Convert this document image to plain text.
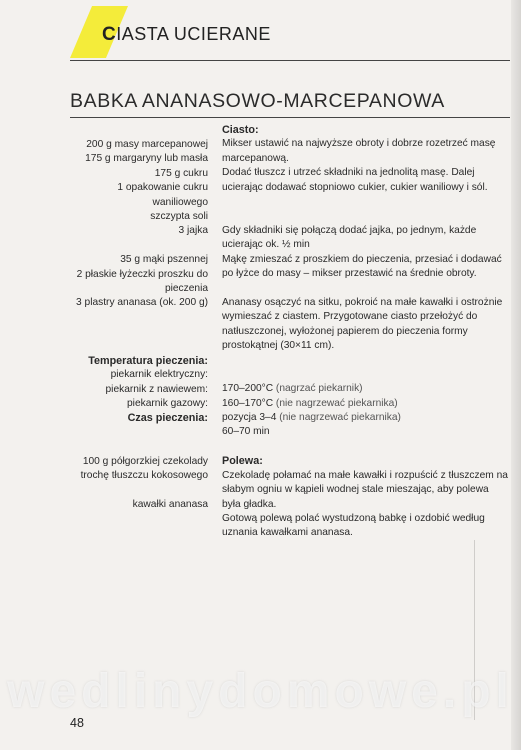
CIASTA UCIERANE
BABKA ANANASOWO-MARCEPANOWA
200 g masy marcepanowej
175 g margaryny lub masła
175 g cukru
1 opakowanie cukru
waniliowego
szczypta soli
3 jajka
35 g mąki pszennej
2 płaskie łyżeczki proszku do
pieczenia
3 plastry ananasa (ok. 200 g)
Temperatura pieczenia:
piekarnik elektryczny:
piekarnik z nawiewem:
piekarnik gazowy:
Czas pieczenia:
100 g półgorzkiej czekolady
trochę tłuszczu kokosowego
kawałki ananasa
Ciasto:
Mikser ustawić na najwyższe obroty i dobrze rozetrzeć masę
marcepanową.
Dodać tłuszcz i utrzeć składniki na jednolitą masę. Dalej
ucierając dodawać stopniowo cukier, cukier waniliowy i sól.
Gdy składniki się połączą dodać jajka, po jednym, każde
ucierając ok. ½ min
Mąkę zmieszać z proszkiem do pieczenia, przesiać i dodawać
po łyżce do masy – mikser przestawić na średnie obroty.
Ananasy osączyć na sitku, pokroić na małe kawałki i ostrożnie
wymieszać z ciastem. Przygotowane ciasto przełożyć do
natłuszczonej, wyłożonej papierem do pieczenia formy
prostokątnej (30×11 cm).
170–200°C (nagrzać piekarnik)
160–170°C (nie nagrzewać piekarnika)
pozycja 3–4 (nie nagrzewać piekarnika)
60–70 min
Polewa:
Czekoladę połamać na małe kawałki i rozpuścić z tłuszczem na
słabym ogniu w kąpieli wodnej stale mieszając, aby polewa
była gładka.
Gotową polewą polać wystudzoną babkę i ozdobić według
uznania kawałkami ananasa.
wedlinydomowe.pl
48
